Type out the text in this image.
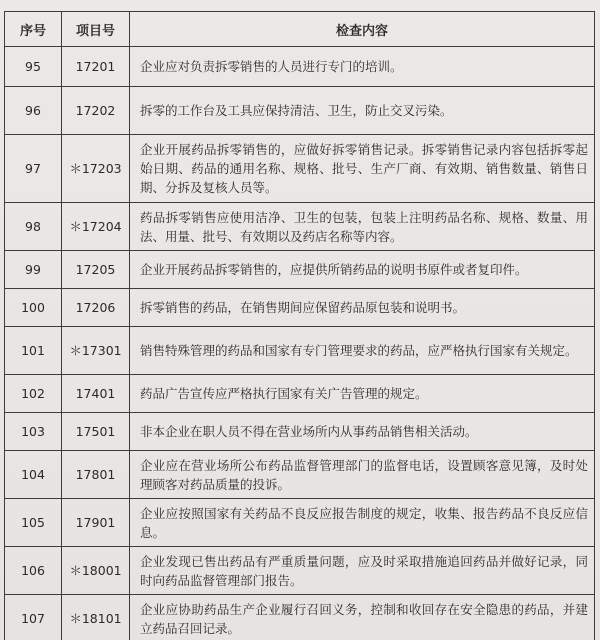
序号	项目号	检查内容
95	17201	企业应对负责拆零销售的人员进行专门的培训。
96	17202	拆零的工作台及工具应保持清洁、卫生，防止交叉污染。
97	＊17203	企业开展药品拆零销售的，应做好拆零销售记录。拆零销售记录内容包括拆零起始日期、药品的通用名称、规格、批号、生产厂商、有效期、销售数量、销售日期、分拆及复核人员等。
98	＊17204	药品拆零销售应使用洁净、卫生的包装，包装上注明药品名称、规格、数量、用法、用量、批号、有效期以及药店名称等内容。
99	17205	企业开展药品拆零销售的，应提供所销药品的说明书原件或者复印件。
100	17206	拆零销售的药品，在销售期间应保留药品原包装和说明书。
101	＊17301	销售特殊管理的药品和国家有专门管理要求的药品，应严格执行国家有关规定。
102	17401	药品广告宣传应严格执行国家有关广告管理的规定。
103	17501	非本企业在职人员不得在营业场所内从事药品销售相关活动。
104	17801	企业应在营业场所公布药品监督管理部门的监督电话，设置顾客意见簿，及时处理顾客对药品质量的投诉。
105	17901	企业应按照国家有关药品不良反应报告制度的规定，收集、报告药品不良反应信息。
106	＊18001	企业发现已售出药品有严重质量问题，应及时采取措施追回药品并做好记录，同时向药品监督管理部门报告。
107	＊18101	企业应协助药品生产企业履行召回义务，控制和收回存在安全隐患的药品，并建立药品召回记录。
